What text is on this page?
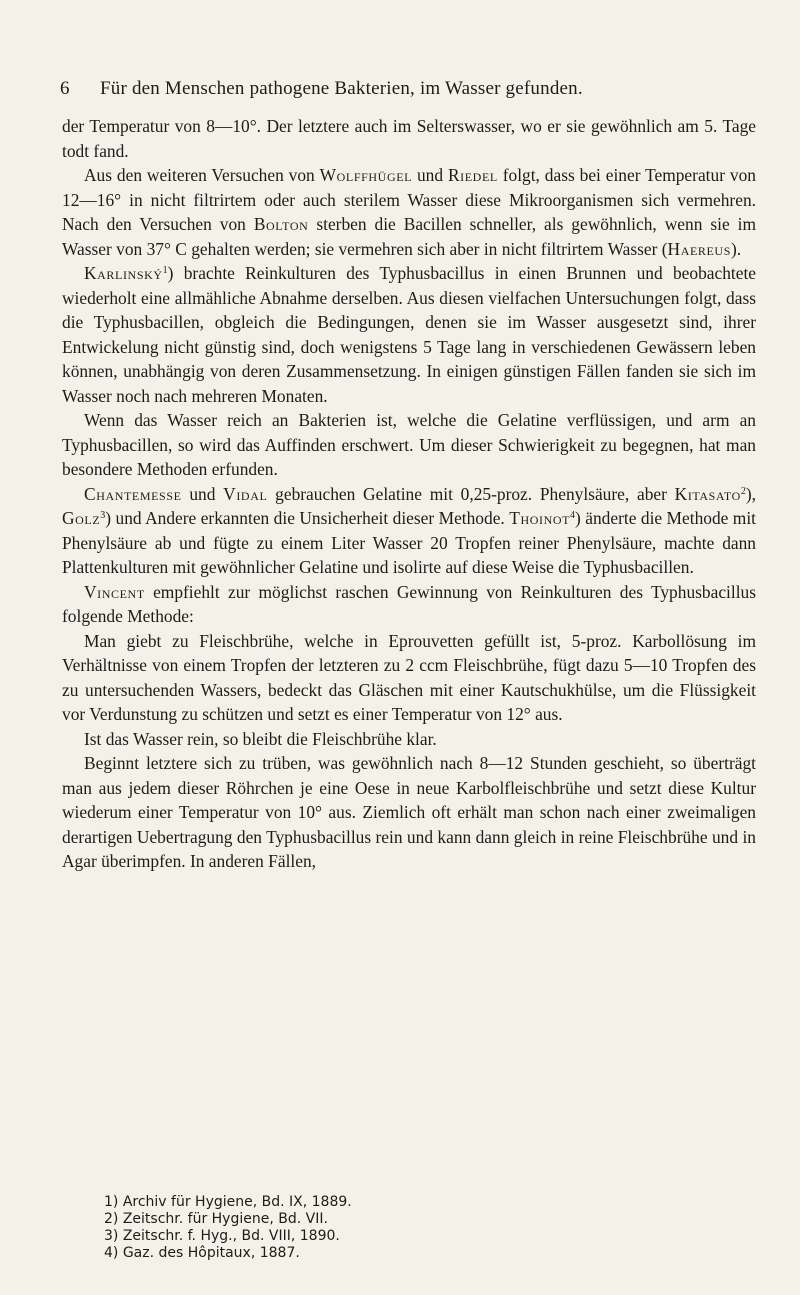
6 Für den Menschen pathogene Bakterien, im Wasser gefunden.

der Temperatur von 8—10°. Der letztere auch im Selterswasser, wo er sie gewöhnlich am 5. Tage todt fand.

Aus den weiteren Versuchen von Wolffhügel und Riedel folgt, dass bei einer Temperatur von 12—16° in nicht filtrirtem oder auch sterilem Wasser diese Mikroorganismen sich vermehren. Nach den Versuchen von Bolton sterben die Bacillen schneller, als gewöhnlich, wenn sie im Wasser von 37° C gehalten werden; sie vermehren sich aber in nicht filtrirtem Wasser (Haereus).

Karlinský$^1$) brachte Reinkulturen des Typhusbacillus in einen Brunnen und beobachtete wiederholt eine allmähliche Abnahme derselben. Aus diesen vielfachen Untersuchungen folgt, dass die Typhusbacillen, obgleich die Bedingungen, denen sie im Wasser ausgesetzt sind, ihrer Entwickelung nicht günstig sind, doch wenigstens 5 Tage lang in verschiedenen Gewässern leben können, unabhängig von deren Zusammensetzung. In einigen günstigen Fällen fanden sie sich im Wasser noch nach mehreren Monaten.

Wenn das Wasser reich an Bakterien ist, welche die Gelatine verflüssigen, und arm an Typhusbacillen, so wird das Auffinden erschwert. Um dieser Schwierigkeit zu begegnen, hat man besondere Methoden erfunden.

Chantemesse und Vidal gebrauchen Gelatine mit 0,25-proz. Phenylsäure, aber Kitasato$^2$), Golz$^3$) und Andere erkannten die Unsicherheit dieser Methode. Thoinot$^4$) änderte die Methode mit Phenylsäure ab und fügte zu einem Liter Wasser 20 Tropfen reiner Phenylsäure, machte dann Plattenkulturen mit gewöhnlicher Gelatine und isolirte auf diese Weise die Typhusbacillen.

Vincent empfiehlt zur möglichst raschen Gewinnung von Reinkulturen des Typhusbacillus folgende Methode:

Man giebt zu Fleischbrühe, welche in Eprouvetten gefüllt ist, 5-proz. Karbollösung im Verhältnisse von einem Tropfen der letzteren zu 2 ccm Fleischbrühe, fügt dazu 5—10 Tropfen des zu untersuchenden Wassers, bedeckt das Gläschen mit einer Kautschukhülse, um die Flüssigkeit vor Verdunstung zu schützen und setzt es einer Temperatur von 12° aus.

Ist das Wasser rein, so bleibt die Fleischbrühe klar.

Beginnt letztere sich zu trüben, was gewöhnlich nach 8—12 Stunden geschieht, so überträgt man aus jedem dieser Röhrchen je eine Oese in neue Karbolfleischbrühe und setzt diese Kultur wiederum einer Temperatur von 10° aus. Ziemlich oft erhält man schon nach einer zweimaligen derartigen Uebertragung den Typhusbacillus rein und kann dann gleich in reine Fleischbrühe und in Agar überimpfen. In anderen Fällen,

1) Archiv für Hygiene, Bd. IX, 1889.
2) Zeitschr. für Hygiene, Bd. VII.
3) Zeitschr. f. Hyg., Bd. VIII, 1890.
4) Gaz. des Hôpitaux, 1887.
